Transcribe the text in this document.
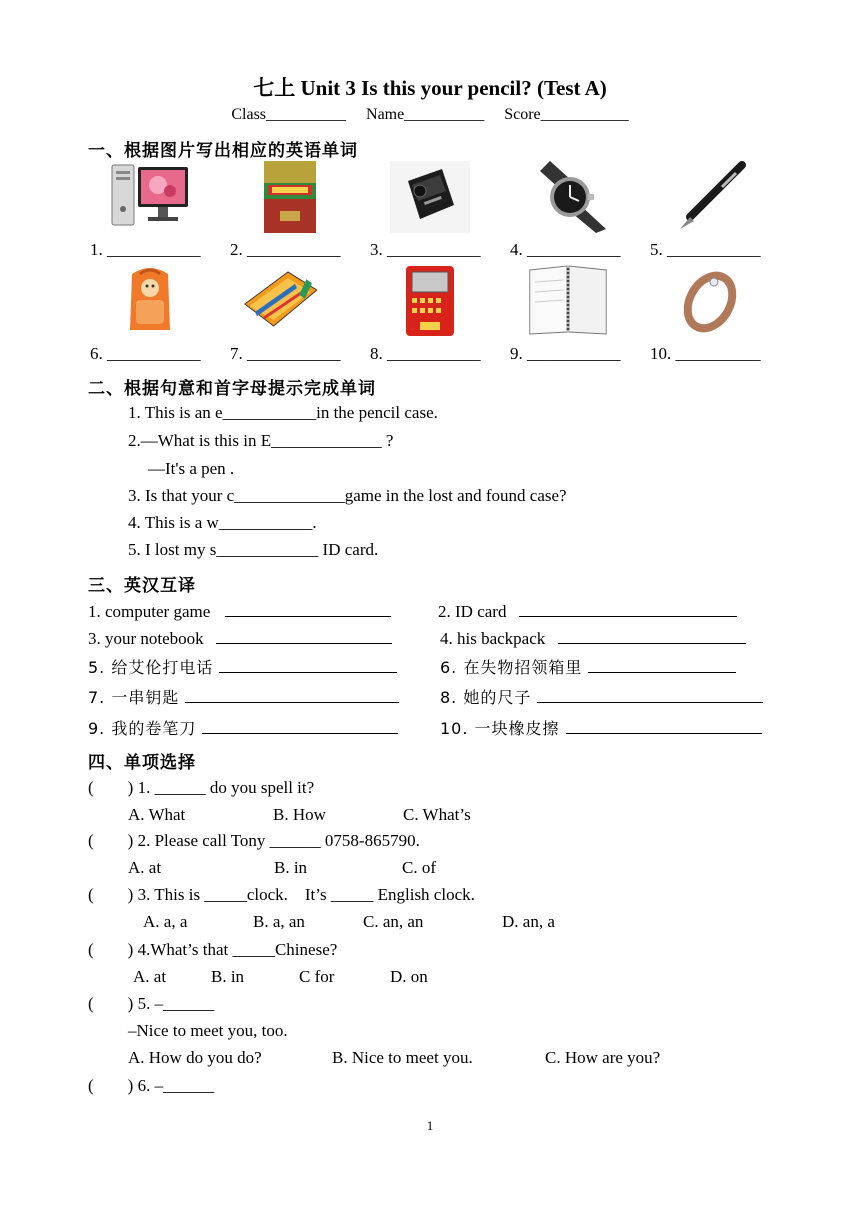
七上 Unit 3 Is this your pencil? (Test A)
Class__________ Name__________ Score___________
一、根据图片写出相应的英语单词
1. ___________ 2. ___________ 3. ___________ 4. ___________ 5. ___________
6. ___________ 7. ___________ 8. ___________ 9. ___________ 10. __________
二、根据句意和首字母提示完成单词
1. This is an e___________in the pencil case.
2.—What is this in E_____________ ?
—It's a pen .
3. Is that your c_____________game in the lost and found case?
4. This is a w___________.
5. I lost my s____________ ID card.
三、英汉互译
1. computer game	2. ID card
3. your notebook	4. his backpack
5. 给艾伦打电话	6. 在失物招领箱里
7. 一串钥匙	8. 她的尺子
9. 我的卷笔刀	10. 一块橡皮擦
四、单项选择
(        ) 1. ______ do you spell it?
A. What	B. How	C. What’s
(        ) 2. Please call Tony ______ 0758-865790.
A. at	B. in	C. of
(        ) 3. This is _____clock.    It’s _____ English clock.
A. a, a	B. a, an	C. an, an	D. an, a
(        ) 4.What’s that _____Chinese?
A. at	B. in	C for	D. on
(        ) 5. –______
–Nice to meet you, too.
A. How do you do?	B. Nice to meet you.	C. How are you?
(        ) 6. –______
1
